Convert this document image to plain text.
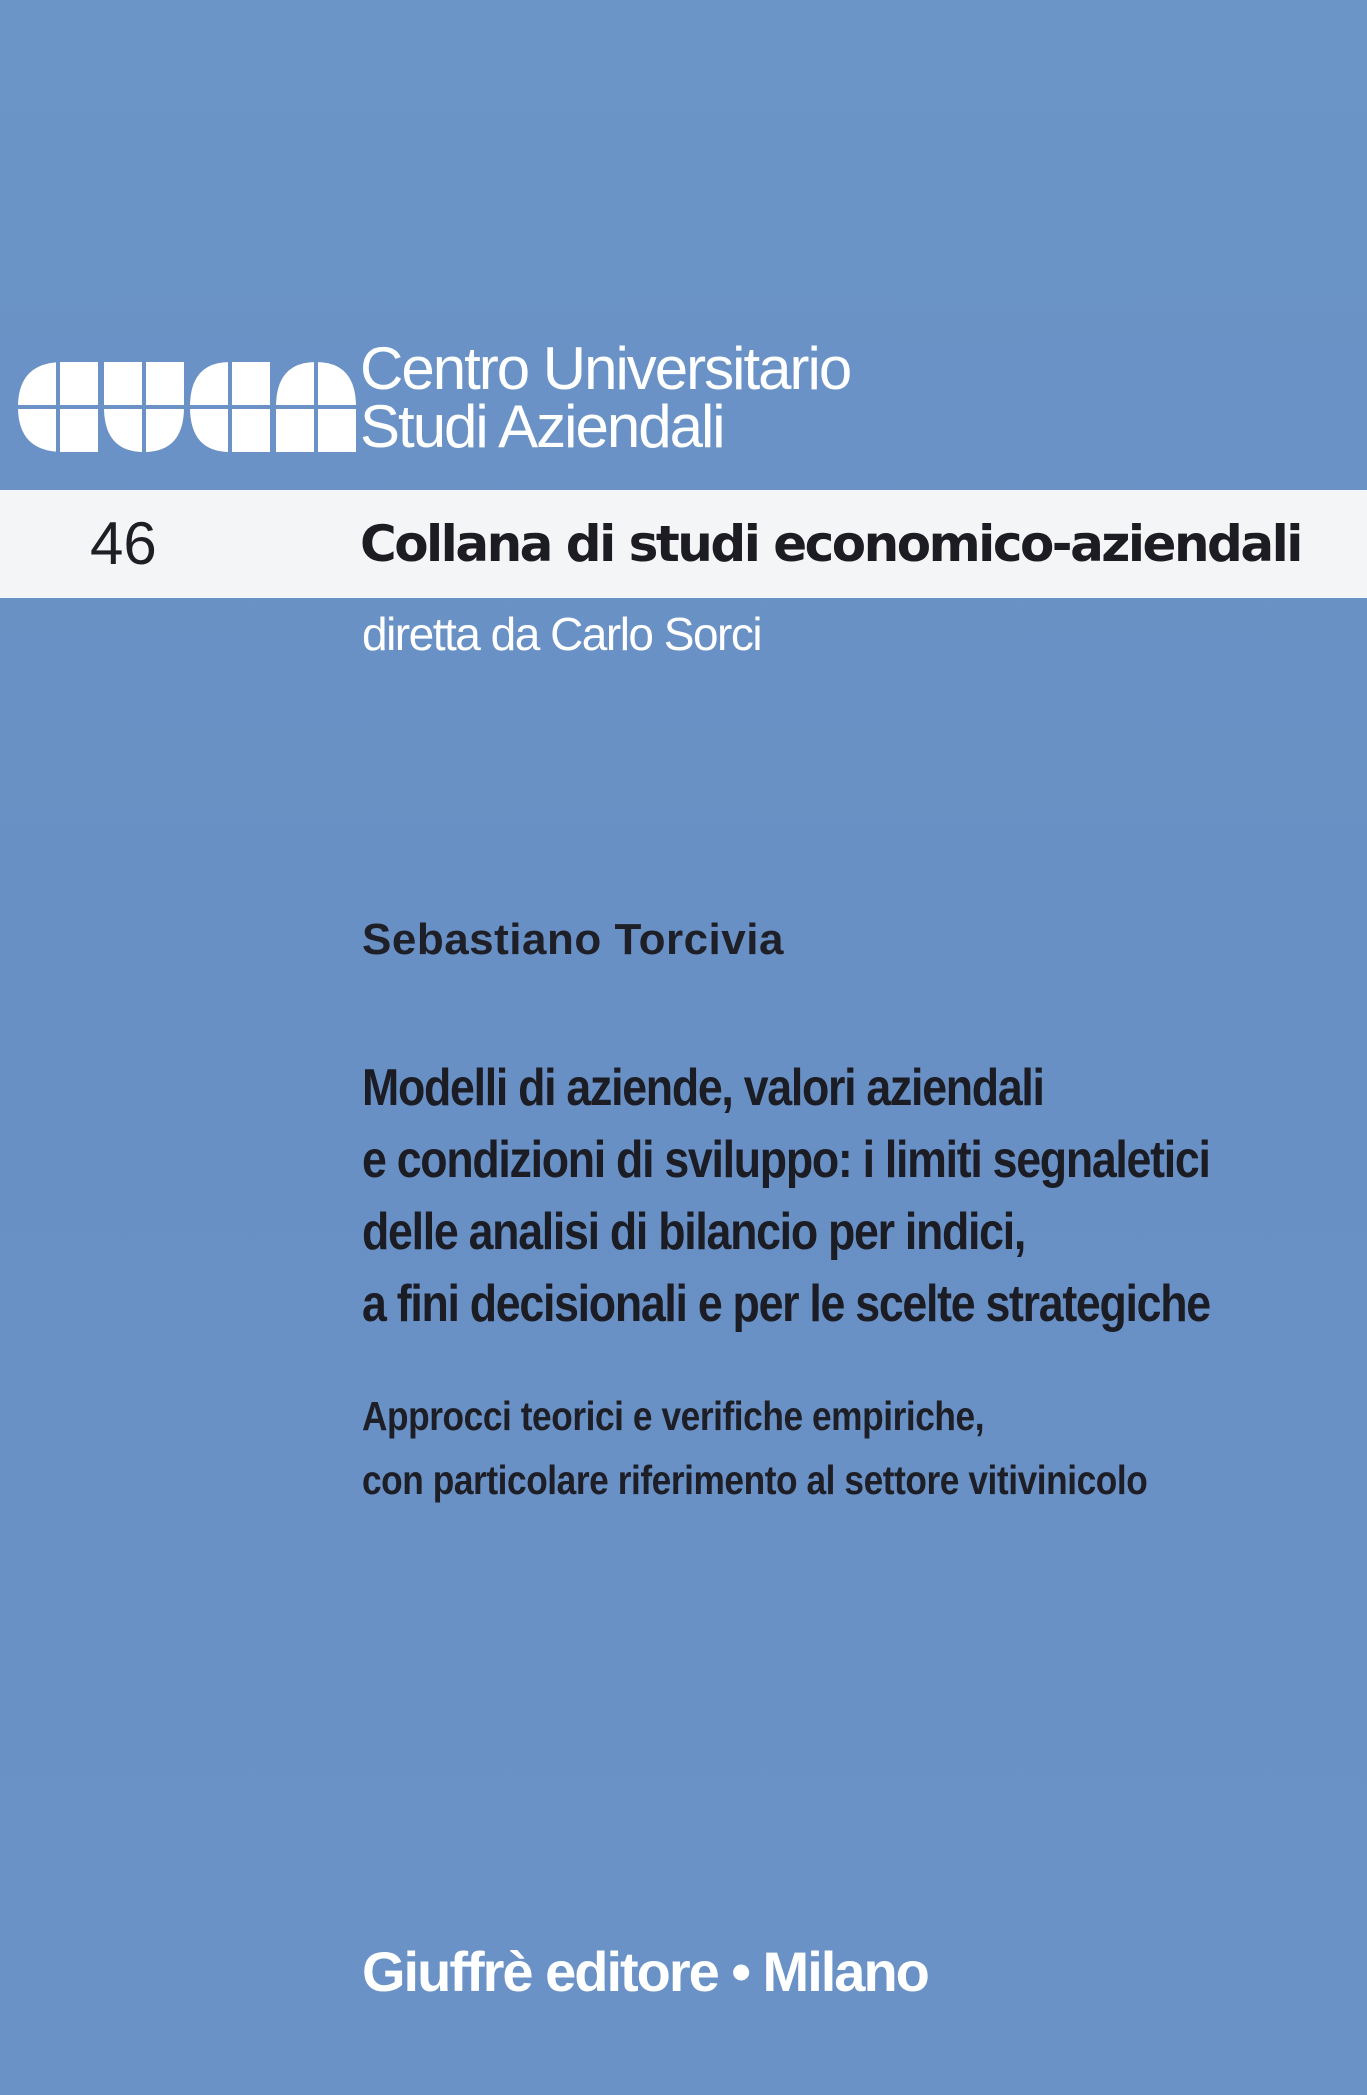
Centro Universitario
Studi Aziendali
46	Collana di studi economico-aziendali
diretta da Carlo Sorci
Sebastiano Torcivia
Modelli di aziende, valori aziendali
e condizioni di sviluppo: i limiti segnaletici
delle analisi di bilancio per indici,
a fini decisionali e per le scelte strategiche
Approcci teorici e verifiche empiriche,
con particolare riferimento al settore vitivinicolo
Giuffrè editore • Milano
